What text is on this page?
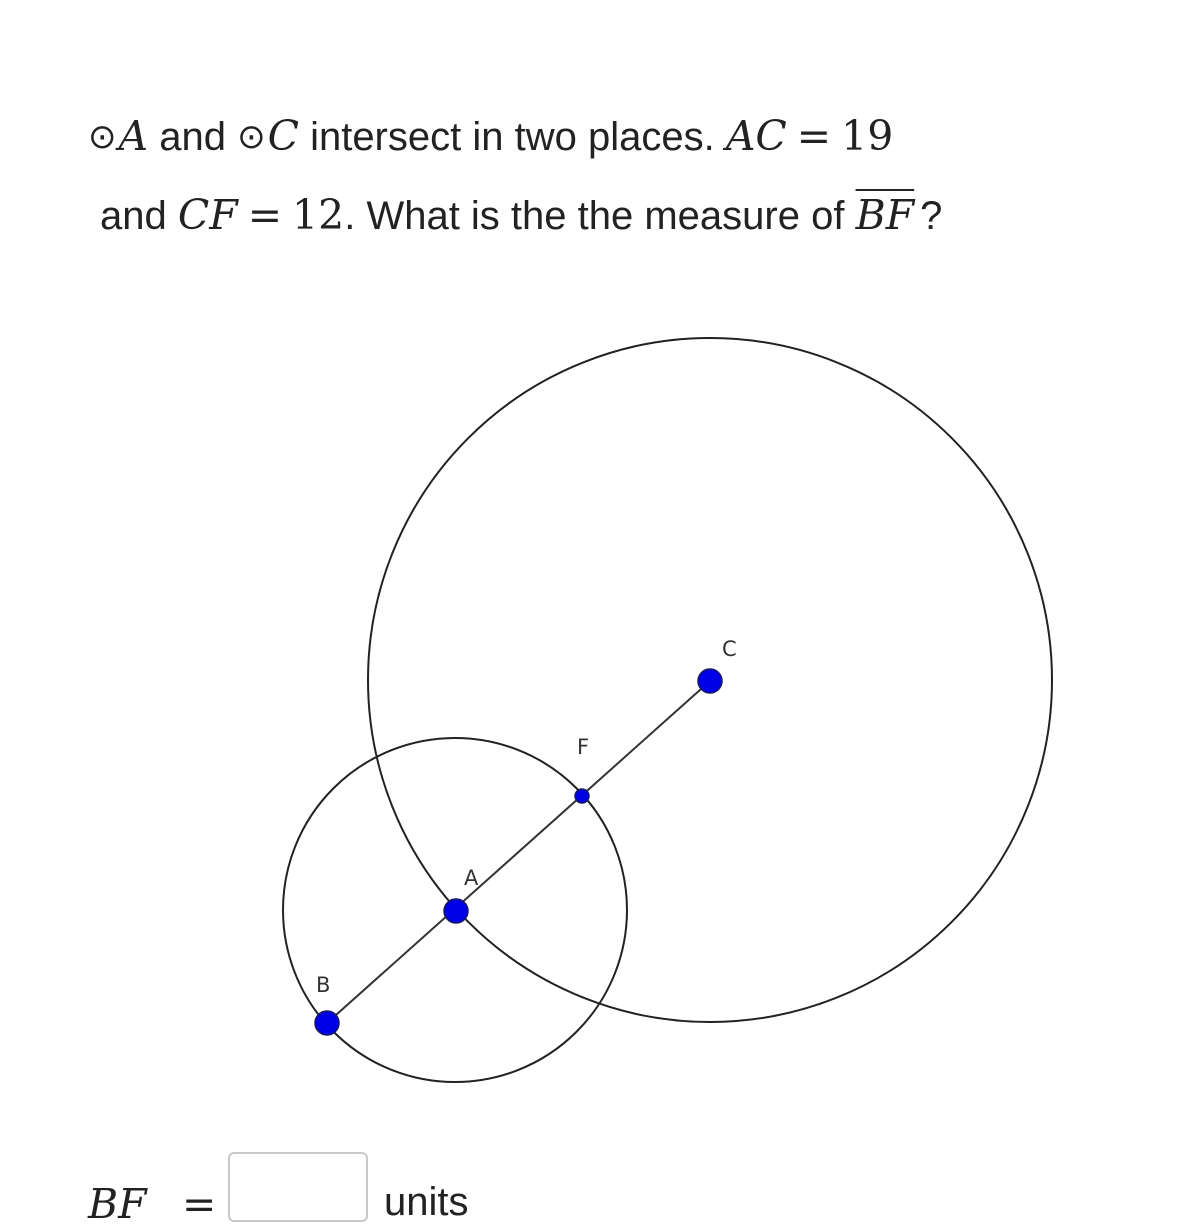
⊙A and ⊙C intersect in two places. AC = 19
and CF = 12. What is the the measure of $\overline{BF}$ ?
C
F
A
B
BF =	units
